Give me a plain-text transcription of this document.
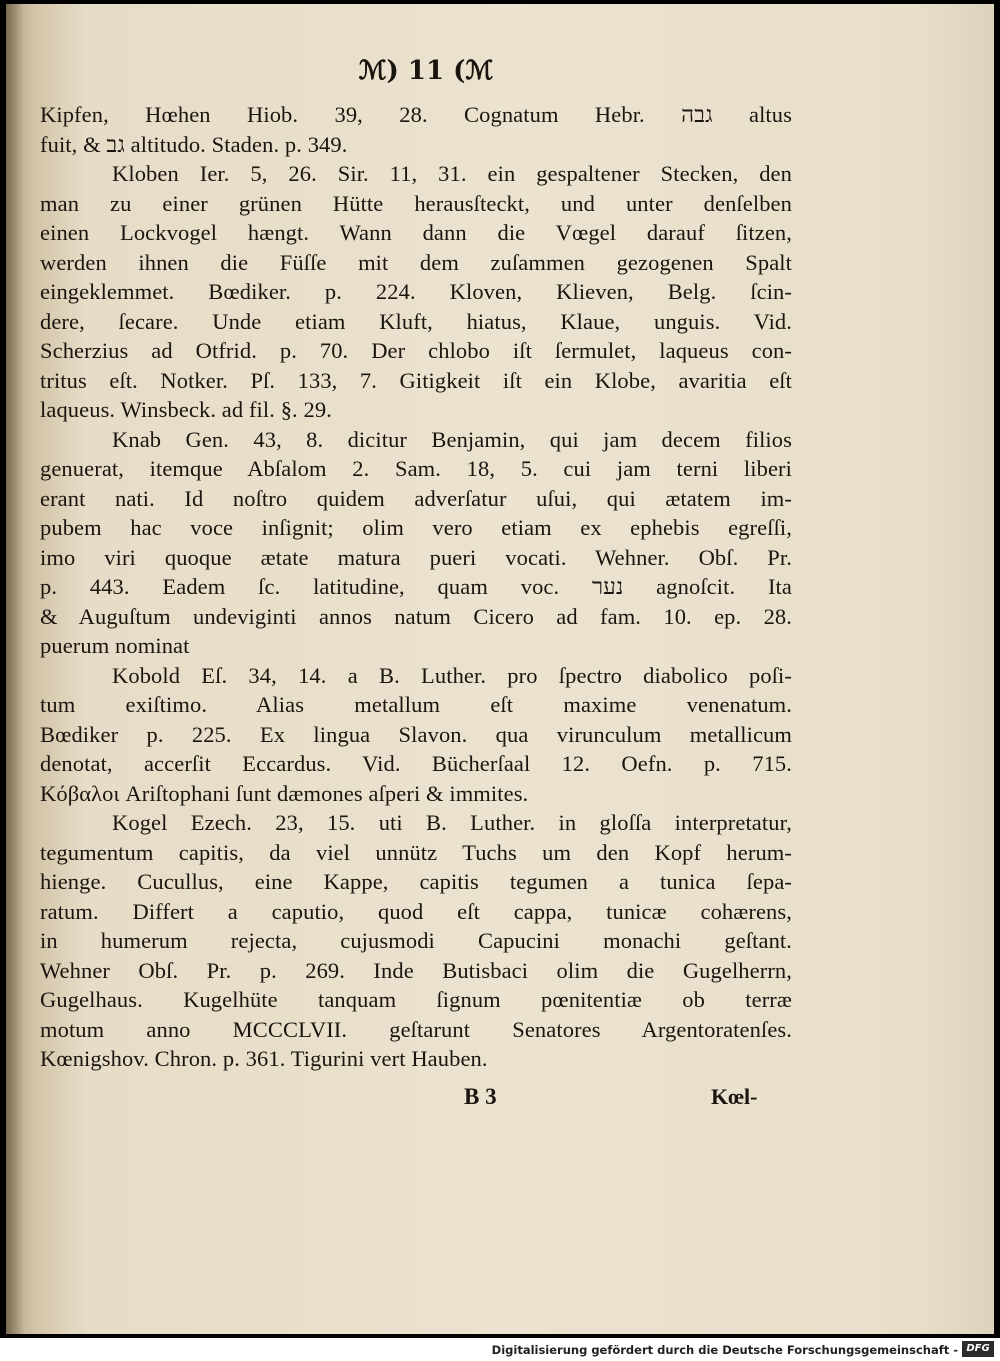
ℳ) 11 (ℳ
Kipfen, Hœhen Hiob. 39, 28. Cognatum Hebr. גבה altus
fuit, & גב altitudo. Staden. p. 349.
Kloben Ier. 5, 26. Sir. 11, 31. ein gespaltener Stecken, den
man zu einer grünen Hütte herausſteckt, und unter denſelben
einen Lockvogel hængt. Wann dann die Vœgel darauf ſitzen,
werden ihnen die Füſſe mit dem zuſammen gezogenen Spalt
eingeklemmet. Bœdiker. p. 224. Kloven, Klieven, Belg. ſcin-
dere, ſecare. Unde etiam Kluft, hiatus, Klaue, unguis. Vid.
Scherzius ad Otfrid. p. 70. Der chlobo iſt ſermulet, laqueus con-
tritus eſt. Notker. Pſ. 133, 7. Gitigkeit iſt ein Klobe, avaritia eſt
laqueus. Winsbeck. ad fil. §. 29.
Knab Gen. 43, 8. dicitur Benjamin, qui jam decem filios
genuerat, itemque Abſalom 2. Sam. 18, 5. cui jam terni liberi
erant nati. Id noſtro quidem adverſatur uſui, qui ætatem im-
pubem hac voce inſignit; olim vero etiam ex ephebis egreſſi,
imo viri quoque ætate matura pueri vocati. Wehner. Obſ. Pr.
p. 443. Eadem ſc. latitudine, quam voc. נער agnoſcit. Ita
& Auguſtum undeviginti annos natum Cicero ad fam. 10. ep. 28.
puerum nominat
Kobold Eſ. 34, 14. a B. Luther. pro ſpectro diabolico poſi-
tum exiſtimo. Alias metallum eſt maxime venenatum.
Bœdiker p. 225. Ex lingua Slavon. qua virunculum metallicum
denotat, accerſit Eccardus. Vid. Bücherſaal 12. Oefn. p. 715.
Κόβαλοι Ariſtophani ſunt dæmones aſperi & immites.
Kogel Ezech. 23, 15. uti B. Luther. in gloſſa interpretatur,
tegumentum capitis, da viel unnütz Tuchs um den Kopf herum-
hienge. Cucullus, eine Kappe, capitis tegumen a tunica ſepa-
ratum. Differt a caputio, quod eſt cappa, tunicæ cohærens,
in humerum rejecta, cujusmodi Capucini monachi geſtant.
Wehner Obſ. Pr. p. 269. Inde Butisbaci olim die Gugelherrn,
Gugelhaus. Kugelhüte tanquam ſignum pœnitentiæ ob terræ
motum anno MCCCLVII. geſtarunt Senatores Argentoratenſes.
Kœnigshov. Chron. p. 361. Tigurini vert Hauben.
B 3	Kœl-
Digitalisierung gefördert durch die Deutsche Forschungsgemeinschaft - DFG
